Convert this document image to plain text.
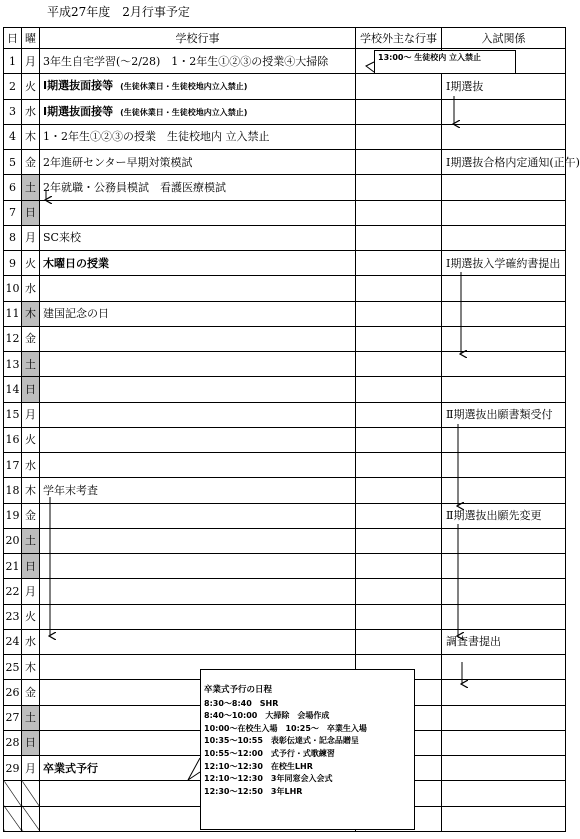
平成27年度　2月行事予定
日	曜	学校行事	学校外主な行事	入試関係
1	月	3年生自宅学習(～2/28)　1・2年生①②③の授業④大掃除		
2	火	Ⅰ期選抜面接等 (生徒休業日・生徒校地内立入禁止)		Ⅰ期選抜
3	水	Ⅰ期選抜面接等 (生徒休業日・生徒校地内立入禁止)		
4	木	1・2年生①②③の授業　生徒校地内 立入禁止		
5	金	2年進研センター早期対策模試		Ⅰ期選抜合格内定通知(正午)
6	土	2年就職・公務員模試　看護医療模試		
7	日			
8	月	SC来校		
9	火	木曜日の授業		Ⅰ期選抜入学確約書提出
10	水			
11	木	建国記念の日		
12	金			
13	土			
14	日			
15	月			Ⅱ期選抜出願書類受付
16	火			
17	水			
18	木	学年末考査		
19	金			Ⅱ期選抜出願先変更
20	土			
21	日			
22	月			
23	火			
24	水			調査書提出
25	木			
26	金			
27	土			
28	日			
29	月	卒業式予行		

13:00～ 生徒校内 立入禁止
卒業式予行の日程
8:30～8:40　SHR
8:40～10:00　大掃除　会場作成
10:00～在校生入場　10:25～　卒業生入場
10:35～10:55　表彰伝達式・記念品贈呈
10:55～12:00　式予行・式歌練習
12:10～12:30　在校生LHR
12:10～12:30　3年同窓会入会式
12:30～12:50　3年LHR
